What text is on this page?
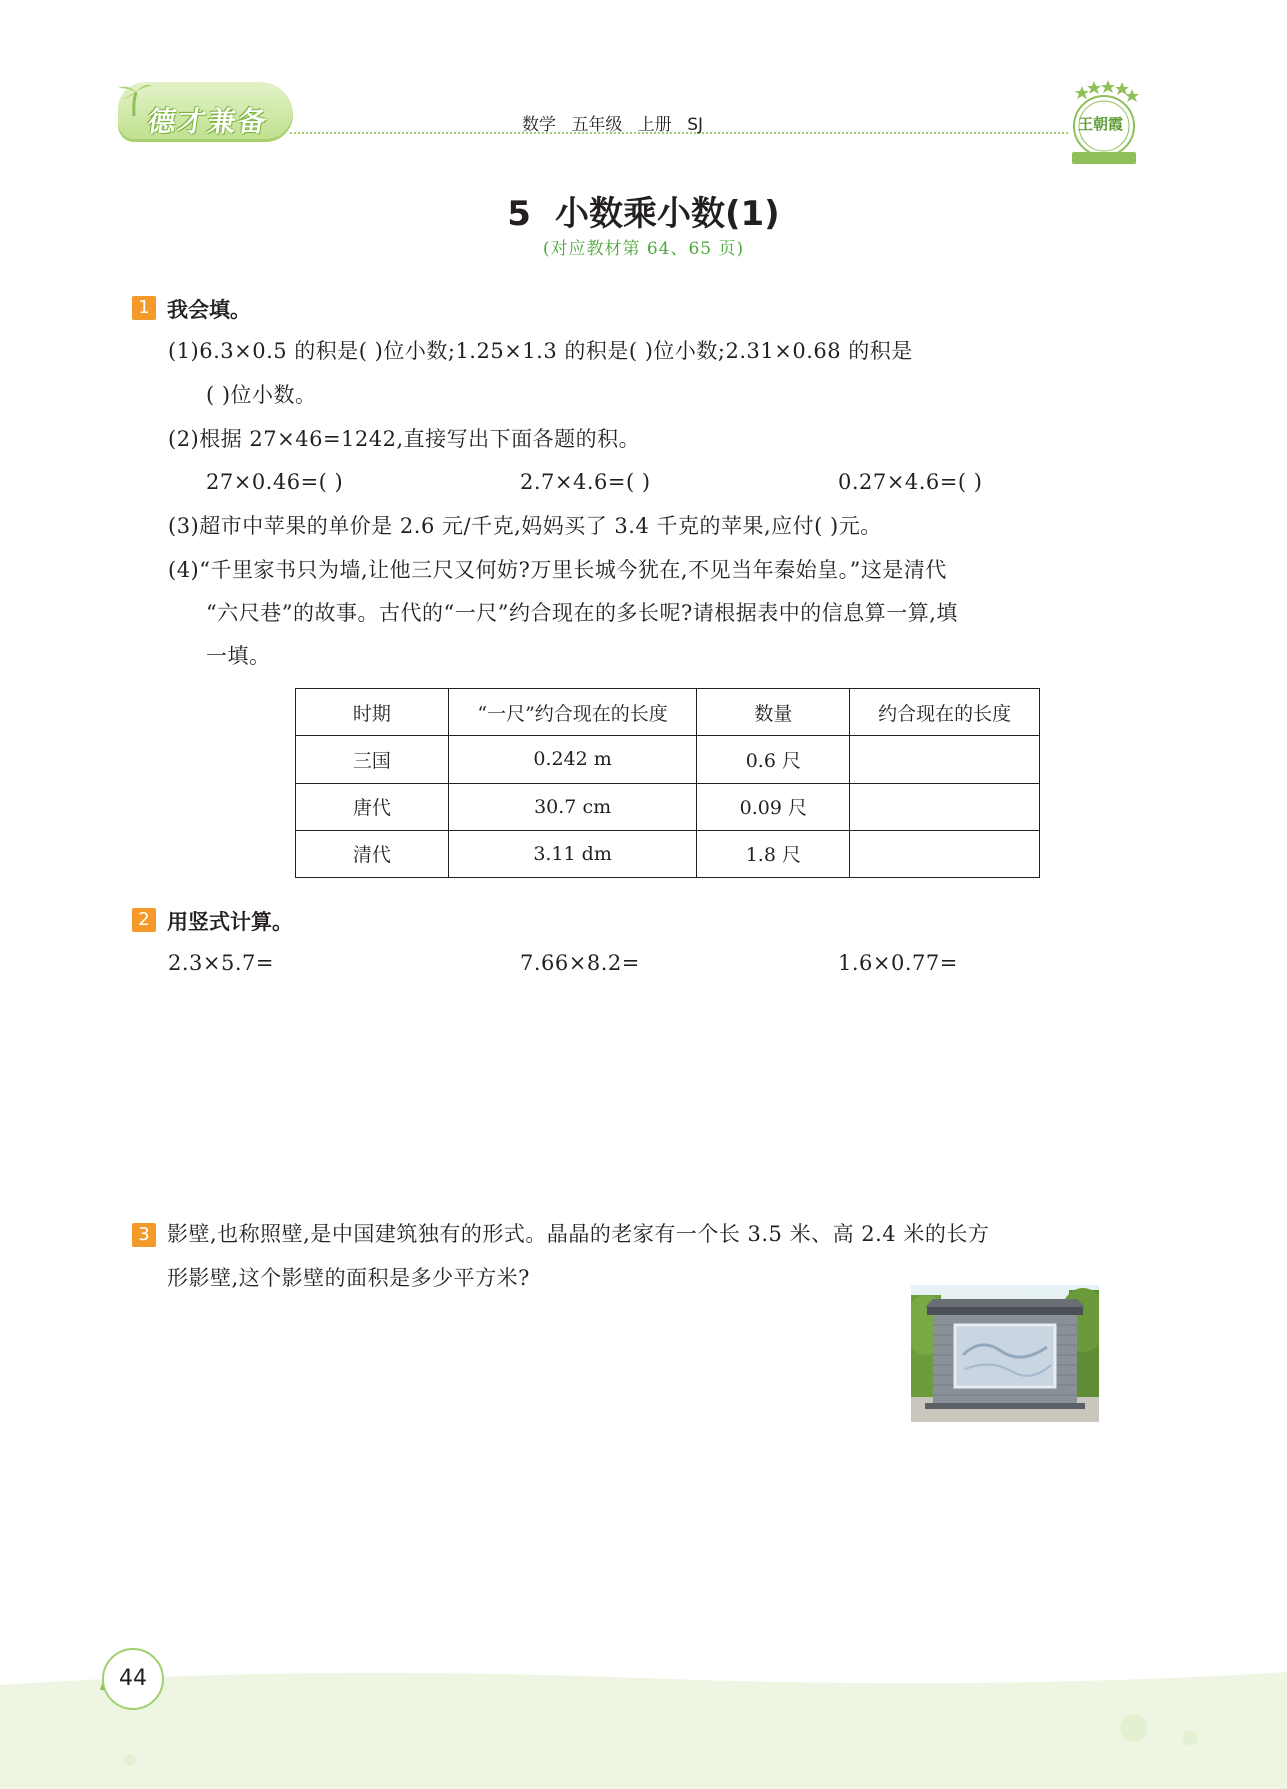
德才兼备	数学 五年级 上册 SJ	王朝霞
5 小数乘小数(1)
(对应教材第 64、65 页)
1 我会填。
(1)6.3×0.5 的积是( )位小数;1.25×1.3 的积是( )位小数;2.31×0.68 的积是
( )位小数。
(2)根据 27×46=1242,直接写出下面各题的积。
27×0.46=( )	2.7×4.6=( )	0.27×4.6=( )
(3)超市中苹果的单价是 2.6 元/千克,妈妈买了 3.4 千克的苹果,应付( )元。
(4)“千里家书只为墙,让他三尺又何妨?万里长城今犹在,不见当年秦始皇。”这是清代
“六尺巷”的故事。古代的“一尺”约合现在的多长呢?请根据表中的信息算一算,填
一填。
时期	“一尺”约合现在的长度	数量	约合现在的长度
三国	0.242 m	0.6 尺	
唐代	30.7 cm	0.09 尺	
清代	3.11 dm	1.8 尺	
2 用竖式计算。
2.3×5.7=	7.66×8.2=	1.6×0.77=
3 影壁,也称照壁,是中国建筑独有的形式。晶晶的老家有一个长 3.5 米、高 2.4 米的长方
形影壁,这个影壁的面积是多少平方米?
44
